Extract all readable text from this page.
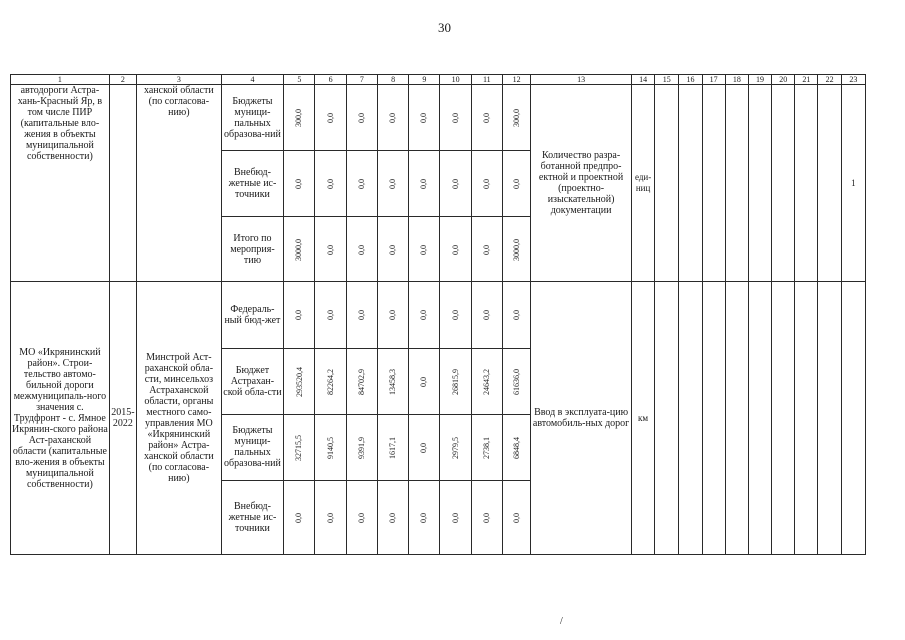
30
1	2	3	4	5	6	7	8	9	10	11	12	13	14	15	16	17	18	19	20	21	22	23
автодороги Астра-хань-Красный Яр, в том числе ПИР (капитальные вло-жения в объекты муниципальной собственности)		ханской области (по согласова-нию)	Бюджеты муници-пальных образова-ний	300,0	0,0	0,0	0,0	0,0	0,0	0,0	300,0	Количество разра-ботанной предпро-ектной и проектной (проектно-изыскательной) документации	еди-ниц									1
			Внебюд-жетные ис-точники	0,0	0,0	0,0	0,0	0,0	0,0	0,0	0,0											
			Итого по мероприя-тию	3000,0	0,0	0,0	0,0	0,0	0,0	0,0	3000,0											
МО «Икрянинский район». Строи-тельство автомо-бильной дороги межмуниципаль-ного значения с. Трудфронт - с. Ямное Икрянин-ского района Аст-раханской области (капитальные вло-жения в объекты муниципальной собственности)	2015-2022	Минстрой Аст-раханской обла-сти, минсельхоз Астраханской области, органы местного само-управления МО «Икрянинский район» Астра-ханской области (по согласова-нию)	Федераль-ный бюд-жет	0,0	0,0	0,0	0,0	0,0	0,0	0,0	0,0	Ввод в эксплуата-цию автомобиль-ных дорог	км									
			Бюджет Астрахан-ской обла-сти	293520,4	82264,2	84702,9	13458,3	0,0	26815,9	24643,2	61636,0											
			Бюджеты муници-пальных образова-ний	32715,5	9140,5	9391,9	1617,1	0,0	2979,5	2738,1	6848,4											
			Внебюд-жетные ис-точники	0,0	0,0	0,0	0,0	0,0	0,0	0,0	0,0											
/
